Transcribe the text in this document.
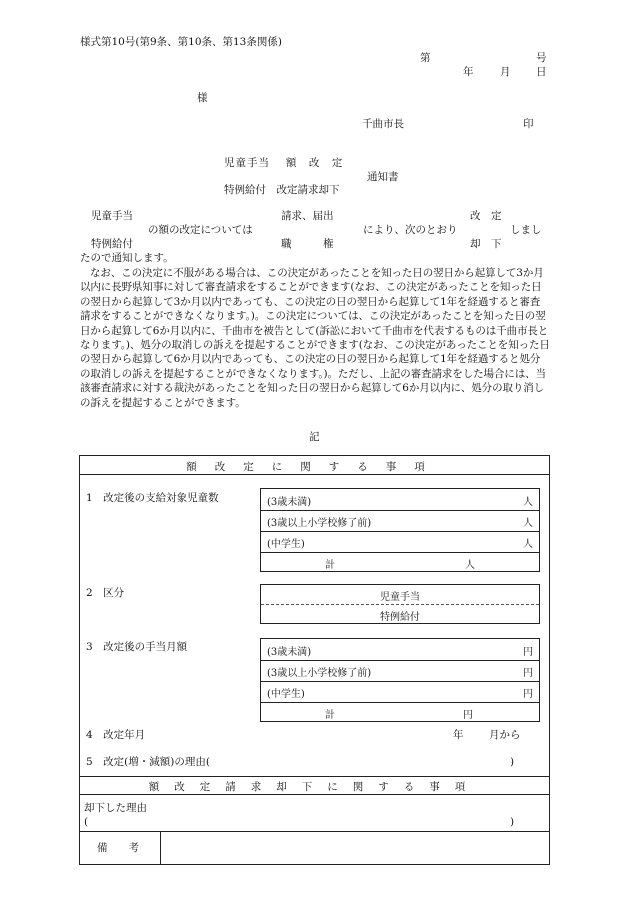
様式第10号(第9条、第10条、第13条関係)
第	号
年	月 日
様
千曲市長	印
児童手当　 額　改　定
通知書
特例給付　改定請求却下
児童手当
特例給付
の額の改定については
請求、届出
職　　　権
により、次のとおり
改　定
却　下
しまし
たので通知します。
なお、この決定に不服がある場合は、この決定があったことを知った日の翌日から起算して3か月以内に長野県知事に対して審査請求をすることができます(なお、この決定があったことを知った日の翌日から起算して3か月以内であっても、この決定の日の翌日から起算して1年を経過すると審査請求をすることができなくなります。)。この決定については、この決定があったことを知った日の翌日から起算して6か月以内に、千曲市を被告として(訴訟において千曲市を代表するものは千曲市長となります。)、処分の取消しの訴えを提起することができます(なお、この決定があったことを知った日の翌日から起算して6か月以内であっても、この決定の日の翌日から起算して1年を経過すると処分の取消しの訴えを提起することができなくなります。)。ただし、上記の審査請求をした場合には、当該審査請求に対する裁決があったことを知った日の翌日から起算して6か月以内に、処分の取り消しの訴えを提起することができます。
記
額改定に関する事項
1　改定後の支給対象児童数	(3歳未満)	人
(3歳以上小学校修了前)	人
(中学生)	人
計	人
2　区分	児童手当
特例給付
3　改定後の手当月額	(3歳未満)	円
(3歳以上小学校修了前)	円
(中学生)	円
計	円
4　改定年月	年 月から
5　改定(増・減額)の理由(	)
額改定請求却下に関する事項
却下した理由
(	)
備　　考
